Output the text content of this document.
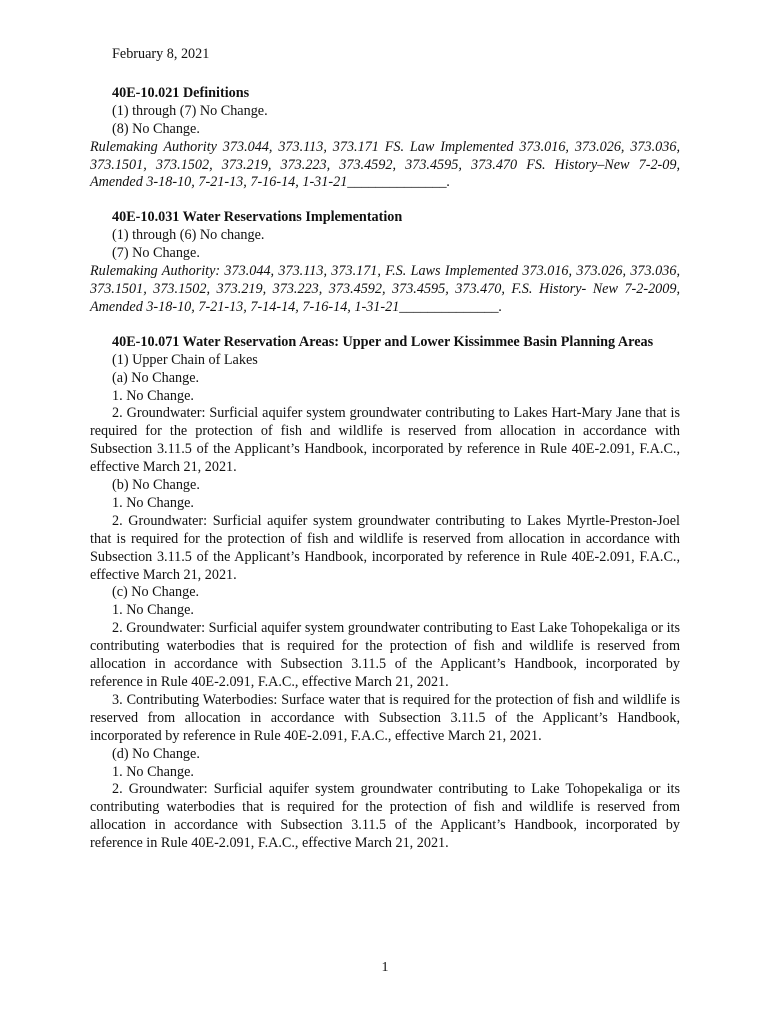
February 8, 2021
40E-10.021 Definitions
(1) through (7) No Change.
(8) No Change.
Rulemaking Authority 373.044, 373.113, 373.171 FS. Law Implemented 373.016, 373.026, 373.036, 373.1501, 373.1502, 373.219, 373.223, 373.4592, 373.4595, 373.470 FS. History–New 7-2-09, Amended 3-18-10, 7-21-13, 7-16-14, 1-31-21______________.
40E-10.031 Water Reservations Implementation
(1) through (6) No change.
(7) No Change.
Rulemaking Authority: 373.044, 373.113, 373.171, F.S. Laws Implemented 373.016, 373.026, 373.036, 373.1501, 373.1502, 373.219, 373.223, 373.4592, 373.4595, 373.470, F.S. History- New 7-2-2009, Amended 3-18-10, 7-21-13, 7-14-14, 7-16-14, 1-31-21______________.
40E-10.071 Water Reservation Areas: Upper and Lower Kissimmee Basin Planning Areas
(1) Upper Chain of Lakes
(a) No Change.
1. No Change.
2. Groundwater: Surficial aquifer system groundwater contributing to Lakes Hart-Mary Jane that is required for the protection of fish and wildlife is reserved from allocation in accordance with Subsection 3.11.5 of the Applicant’s Handbook, incorporated by reference in Rule 40E-2.091, F.A.C., effective March 21, 2021.
(b) No Change.
1. No Change.
2. Groundwater: Surficial aquifer system groundwater contributing to Lakes Myrtle-Preston-Joel that is required for the protection of fish and wildlife is reserved from allocation in accordance with Subsection 3.11.5 of the Applicant’s Handbook, incorporated by reference in Rule 40E-2.091, F.A.C., effective March 21, 2021.
(c) No Change.
1. No Change.
2. Groundwater: Surficial aquifer system groundwater contributing to East Lake Tohopekaliga or its contributing waterbodies that is required for the protection of fish and wildlife is reserved from allocation in accordance with Subsection 3.11.5 of the Applicant’s Handbook, incorporated by reference in Rule 40E-2.091, F.A.C., effective March 21, 2021.
3. Contributing Waterbodies: Surface water that is required for the protection of fish and wildlife is reserved from allocation in accordance with Subsection 3.11.5 of the Applicant’s Handbook, incorporated by reference in Rule 40E-2.091, F.A.C., effective March 21, 2021.
(d) No Change.
1. No Change.
2. Groundwater: Surficial aquifer system groundwater contributing to Lake Tohopekaliga or its contributing waterbodies that is required for the protection of fish and wildlife is reserved from allocation in accordance with Subsection 3.11.5 of the Applicant’s Handbook, incorporated by reference in Rule 40E-2.091, F.A.C., effective March 21, 2021.
1
